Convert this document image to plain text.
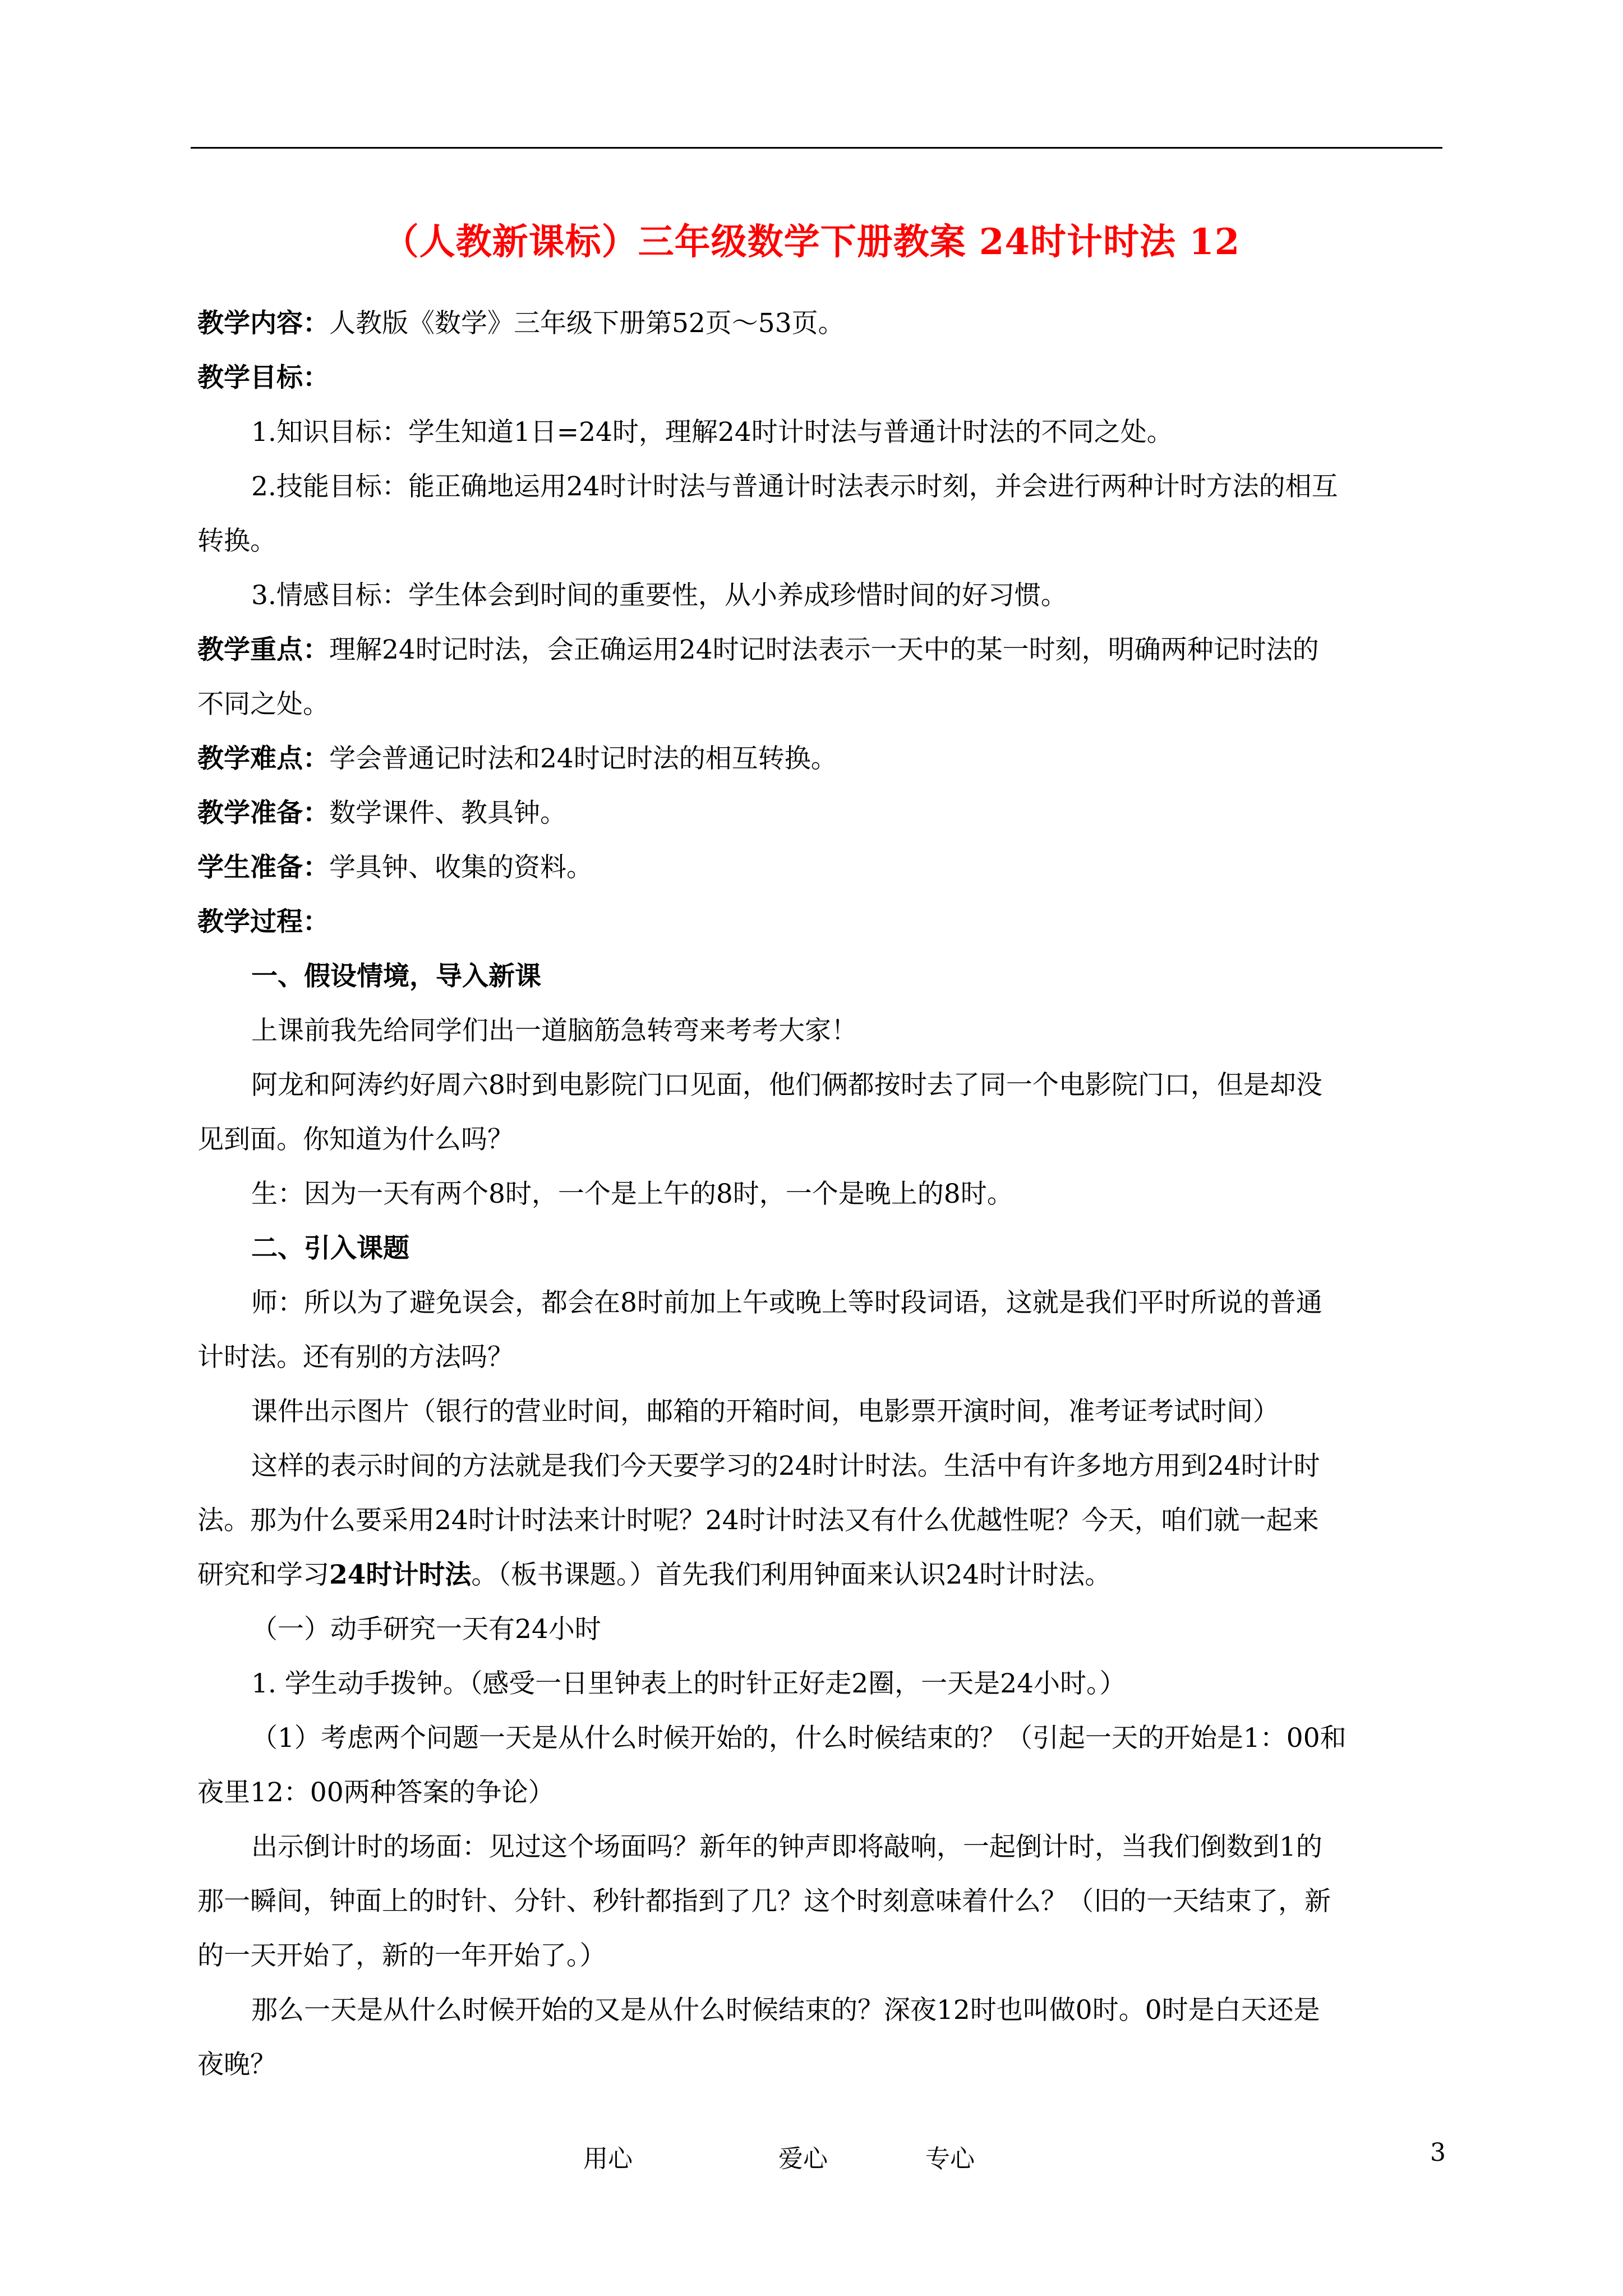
（人教新课标）三年级数学下册教案 24时计时法 12

教学内容：人教版《数学》三年级下册第52页～53页。

教学目标：

1.知识目标：学生知道1日=24时，理解24时计时法与普通计时法的不同之处。

2.技能目标：能正确地运用24时计时法与普通计时法表示时刻，并会进行两种计时方法的相互

转换。

3.情感目标：学生体会到时间的重要性，从小养成珍惜时间的好习惯。

教学重点：理解24时记时法，会正确运用24时记时法表示一天中的某一时刻，明确两种记时法的

不同之处。

教学难点：学会普通记时法和24时记时法的相互转换。

教学准备：数学课件、教具钟。

学生准备：学具钟、收集的资料。

教学过程：

一、假设情境，导入新课

上课前我先给同学们出一道脑筋急转弯来考考大家！

阿龙和阿涛约好周六8时到电影院门口见面，他们俩都按时去了同一个电影院门口，但是却没

见到面。你知道为什么吗？

生：因为一天有两个8时，一个是上午的8时，一个是晚上的8时。

二、引入课题

师：所以为了避免误会，都会在8时前加上午或晚上等时段词语，这就是我们平时所说的普通

计时法。还有别的方法吗？

课件出示图片（银行的营业时间，邮箱的开箱时间，电影票开演时间，准考证考试时间）

这样的表示时间的方法就是我们今天要学习的24时计时法。生活中有许多地方用到24时计时

法。那为什么要采用24时计时法来计时呢？24时计时法又有什么优越性呢？今天，咱们就一起来

研究和学习24时计时法。（板书课题。）首先我们利用钟面来认识24时计时法。

（一）动手研究一天有24小时

1. 学生动手拨钟。（感受一日里钟表上的时针正好走2圈，一天是24小时。）

（1）考虑两个问题一天是从什么时候开始的，什么时候结束的？（引起一天的开始是1：00和

夜里12：00两种答案的争论）

出示倒计时的场面：见过这个场面吗？新年的钟声即将敲响，一起倒计时，当我们倒数到1的

那一瞬间，钟面上的时针、分针、秒针都指到了几？这个时刻意味着什么？（旧的一天结束了，新

的一天开始了，新的一年开始了。）

那么一天是从什么时候开始的又是从什么时候结束的？深夜12时也叫做0时。0时是白天还是

夜晚？

用心	爱心	专心	3
